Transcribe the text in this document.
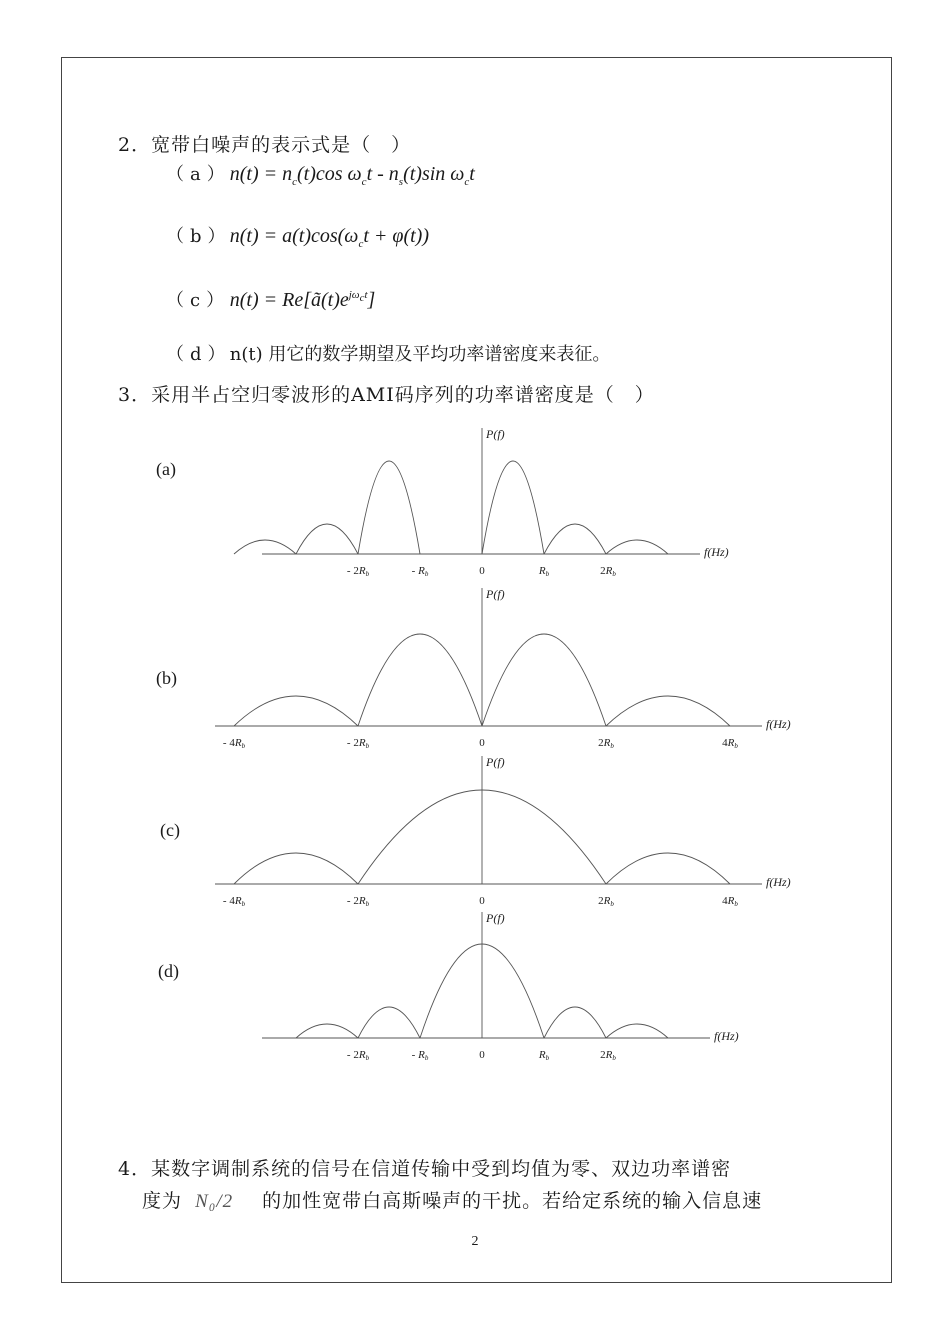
2．宽带白噪声的表示式是（　）
（a） $n(t) = n_c(t)\cos$ $\omega_ct - n_s(t)\sin$ $\omega_ct$
（b） $n(t) = a(t)\cos(\omega_ct + \varphi(t))$
（c） $n(t) = Re[ã(t)e^{j\omega_ct}]$
（d） n(t) 用它的数学期望及平均功率谱密度来表征。
3．采用半占空归零波形的AMI码序列的功率谱密度是（　）
(a)
(b)
(c)
(d)
- 2Rb	- Rb	0	Rb	2Rb
P(f)
f(Hz)
- 4Rb	- 2Rb	0	2Rb	4Rb
P(f)
f(Hz)
- 4Rb	- 2Rb	0	2Rb	4Rb
P(f)
f(Hz)
- 2Rb	- Rb	0	Rb	2Rb
P(f)
f(Hz)
4．某数字调制系统的信号在信道传输中受到均值为零、双边功率谱密
度为 N₀/2 的加性宽带白高斯噪声的干扰。若给定系统的输入信息速
2
